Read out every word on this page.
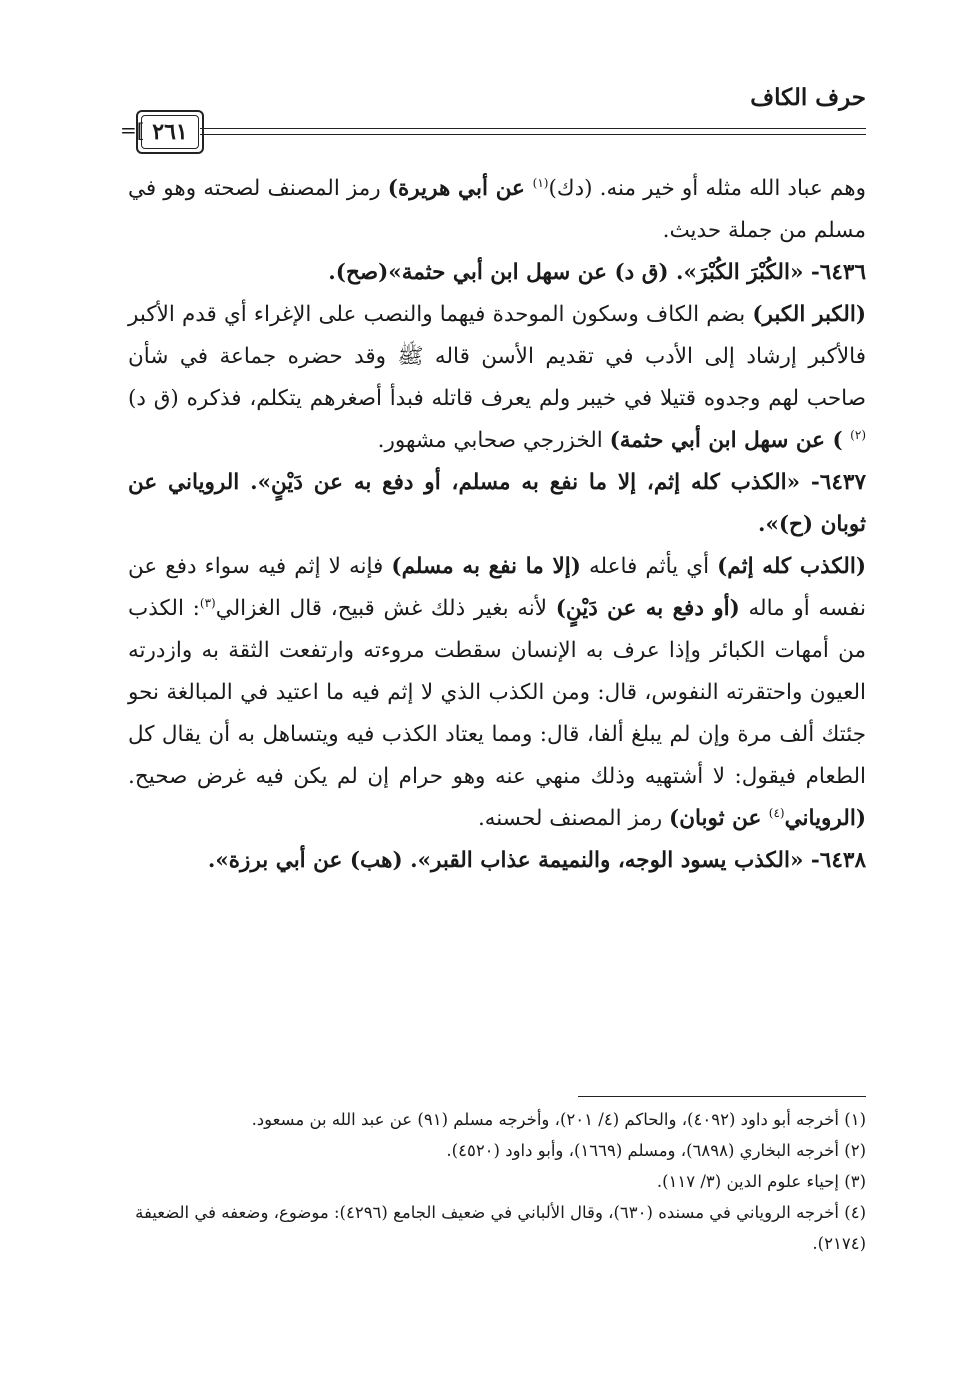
حرف الكاف
=[ ٢٦١

وهم عباد الله مثله أو خير منه. (دك)$^{(١)}$ عن أبي هريرة) رمز المصنف لصحته وهو في مسلم من جملة حديث.

٦٤٣٦- «الكُبْرَ الكُبْرَ». (ق د) عن سهل ابن أبي حثمة»(صح).

(الكبر الكبر) بضم الكاف وسكون الموحدة فيهما والنصب على الإغراء أي قدم الأكبر فالأكبر إرشاد إلى الأدب في تقديم الأسن قاله ﷺ وقد حضره جماعة في شأن صاحب لهم وجدوه قتيلا في خيبر ولم يعرف قاتله فبدأ أصغرهم يتكلم، فذكره (ق د)$^{(٢)}$ ) عن سهل ابن أبي حثمة) الخزرجي صحابي مشهور.

٦٤٣٧- «الكذب كله إثم، إلا ما نفع به مسلم، أو دفع به عن دَيْنٍ». الروياني عن ثوبان (ح)».

(الكذب كله إثم) أي يأثم فاعله (إلا ما نفع به مسلم) فإنه لا إثم فيه سواء دفع عن نفسه أو ماله (أو دفع به عن دَيْنٍ) لأنه بغير ذلك غش قبيح، قال الغزالي$^{(٣)}$: الكذب من أمهات الكبائر وإذا عرف به الإنسان سقطت مروءته وارتفعت الثقة به وازدرته العيون واحتقرته النفوس، قال: ومن الكذب الذي لا إثم فيه ما اعتيد في المبالغة نحو جئتك ألف مرة وإن لم يبلغ ألفا، قال: ومما يعتاد الكذب فيه ويتساهل به أن يقال كل الطعام فيقول: لا أشتهيه وذلك منهي عنه وهو حرام إن لم يكن فيه غرض صحيح. (الروياني$^{(٤)}$ عن ثوبان) رمز المصنف لحسنه.

٦٤٣٨- «الكذب يسود الوجه، والنميمة عذاب القبر». (هب) عن أبي برزة».

(١) أخرجه أبو داود (٤٠٩٢)، والحاكم (٤/ ٢٠١)، وأخرجه مسلم (٩١) عن عبد الله بن مسعود.

(٢) أخرجه البخاري (٦٨٩٨)، ومسلم (١٦٦٩)، وأبو داود (٤٥٢٠).

(٣) إحياء علوم الدين (٣/ ١١٧).

(٤) أخرجه الروياني في مسنده (٦٣٠)، وقال الألباني في ضعيف الجامع (٤٢٩٦): موضوع، وضعفه في الضعيفة (٢١٧٤).
